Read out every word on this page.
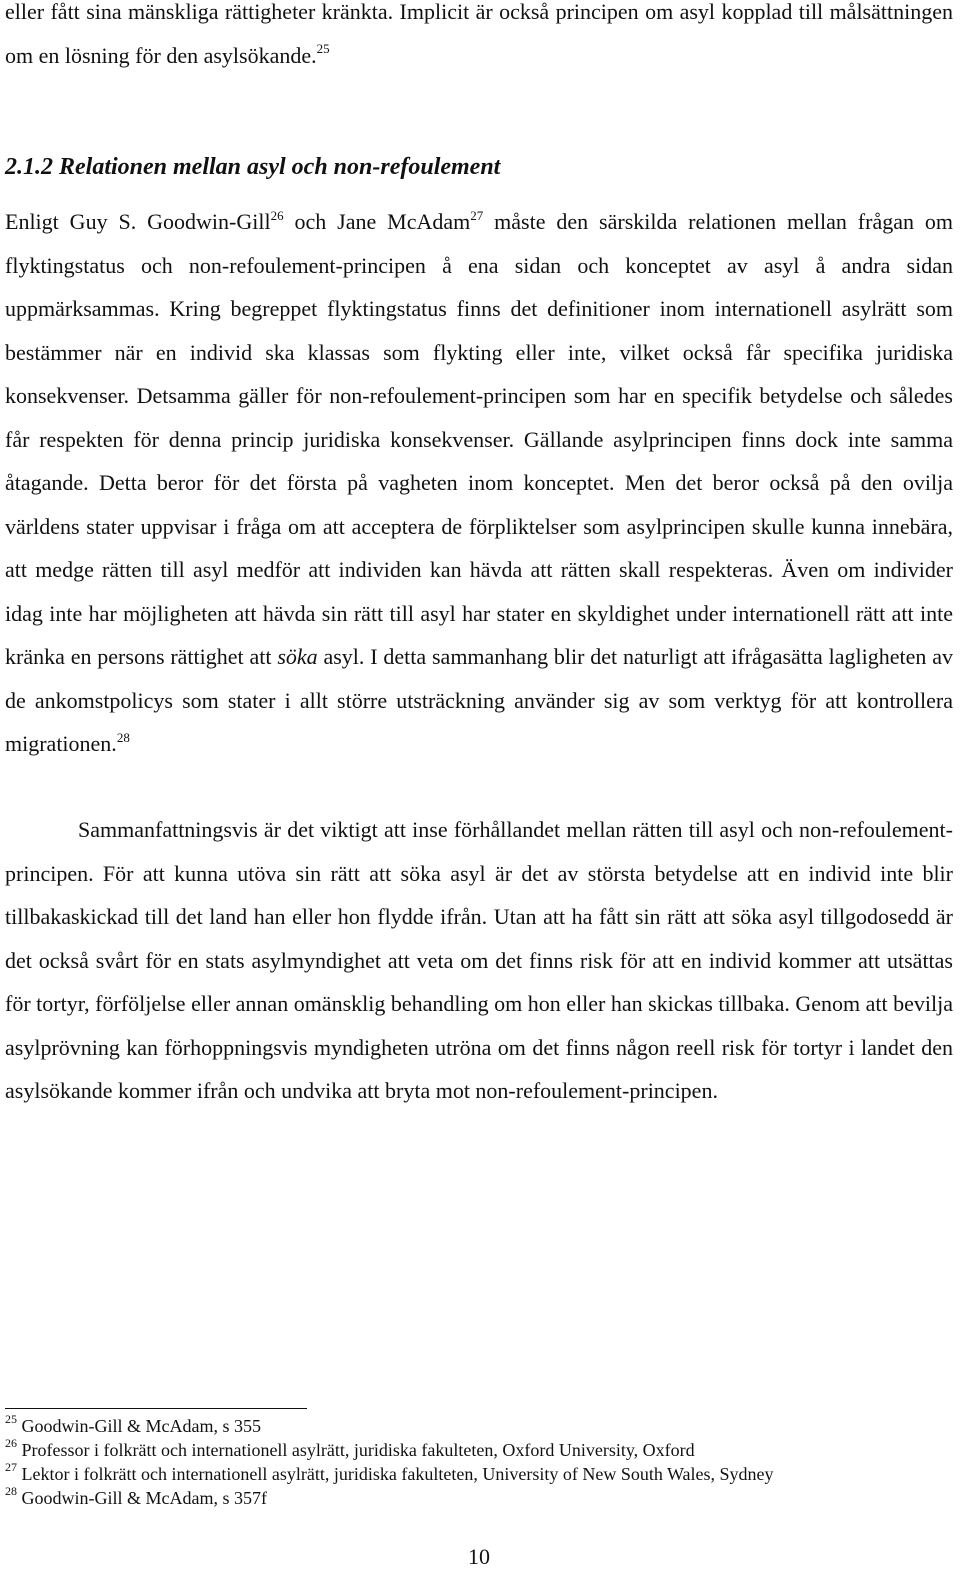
eller fått sina mänskliga rättigheter kränkta. Implicit är också principen om asyl kopplad till målsättningen om en lösning för den asylsökande.$^{25}$

2.1.2 Relationen mellan asyl och non-refoulement

Enligt Guy S. Goodwin-Gill$^{26}$ och Jane McAdam$^{27}$ måste den särskilda relationen mellan frågan om flyktingstatus och non-refoulement-principen å ena sidan och konceptet av asyl å andra sidan uppmärksammas. Kring begreppet flyktingstatus finns det definitioner inom internationell asylrätt som bestämmer när en individ ska klassas som flykting eller inte, vilket också får specifika juridiska konsekvenser. Detsamma gäller för non-refoulement-principen som har en specifik betydelse och således får respekten för denna princip juridiska konsekvenser. Gällande asylprincipen finns dock inte samma åtagande. Detta beror för det första på vagheten inom konceptet. Men det beror också på den ovilja världens stater uppvisar i fråga om att acceptera de förpliktelser som asylprincipen skulle kunna innebära, att medge rätten till asyl medför att individen kan hävda att rätten skall respekteras. Även om individer idag inte har möjligheten att hävda sin rätt till asyl har stater en skyldighet under internationell rätt att inte kränka en persons rättighet att söka asyl. I detta sammanhang blir det naturligt att ifrågasätta lagligheten av de ankomstpolicys som stater i allt större utsträckning använder sig av som verktyg för att kontrollera migrationen.$^{28}$

Sammanfattningsvis är det viktigt att inse förhållandet mellan rätten till asyl och non-refoulement-principen. För att kunna utöva sin rätt att söka asyl är det av största betydelse att en individ inte blir tillbakaskickad till det land han eller hon flydde ifrån. Utan att ha fått sin rätt att söka asyl tillgodosedd är det också svårt för en stats asylmyndighet att veta om det finns risk för att en individ kommer att utsättas för tortyr, förföljelse eller annan omänsklig behandling om hon eller han skickas tillbaka. Genom att bevilja asylprövning kan förhoppningsvis myndigheten utröna om det finns någon reell risk för tortyr i landet den asylsökande kommer ifrån och undvika att bryta mot non-refoulement-principen.

$^{25}$ Goodwin-Gill & McAdam, s 355

$^{26}$ Professor i folkrätt och internationell asylrätt, juridiska fakulteten, Oxford University, Oxford

$^{27}$ Lektor i folkrätt och internationell asylrätt, juridiska fakulteten, University of New South Wales, Sydney

$^{28}$ Goodwin-Gill & McAdam, s 357f

10
